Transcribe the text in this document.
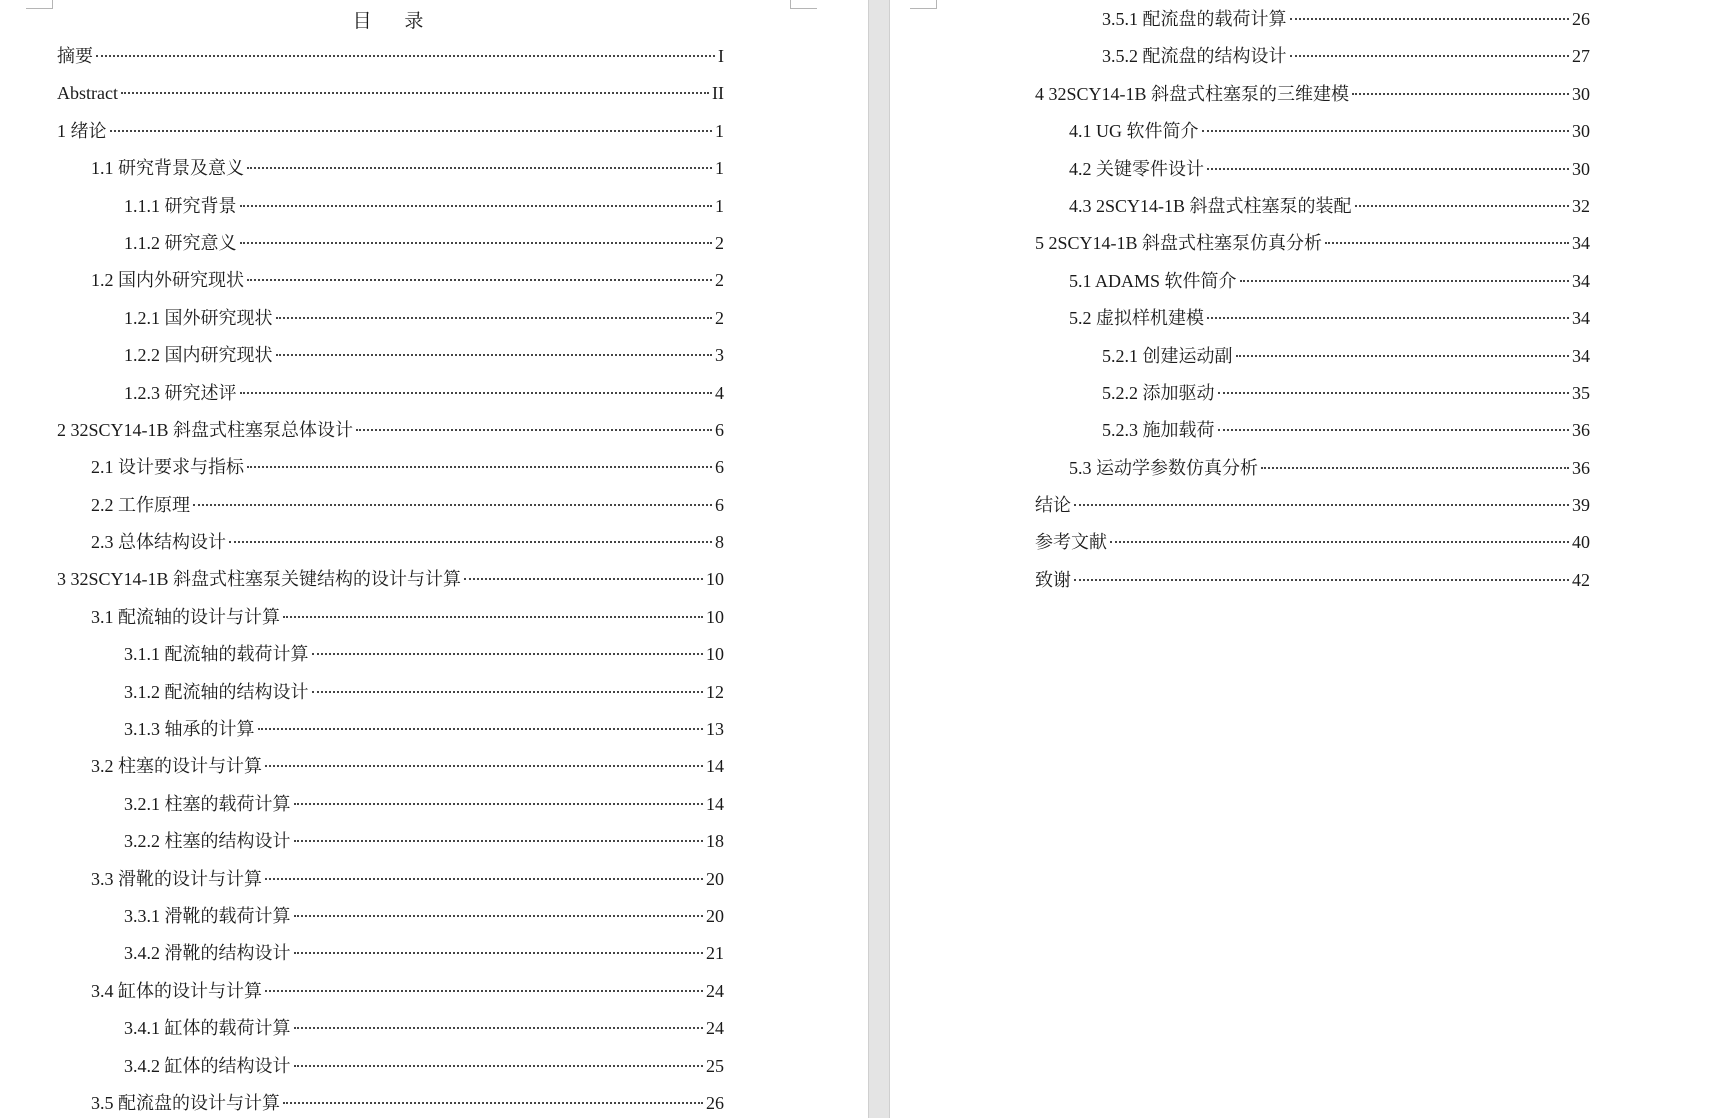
目 录
摘要	I
Abstract	II
1 绪论	1
1.1 研究背景及意义	1
1.1.1 研究背景	1
1.1.2 研究意义	2
1.2 国内外研究现状	2
1.2.1 国外研究现状	2
1.2.2 国内研究现状	3
1.2.3 研究述评	4
2 32SCY14-1B 斜盘式柱塞泵总体设计	6
2.1 设计要求与指标	6
2.2 工作原理	6
2.3 总体结构设计	8
3 32SCY14-1B 斜盘式柱塞泵关键结构的设计与计算	10
3.1 配流轴的设计与计算	10
3.1.1 配流轴的载荷计算	10
3.1.2 配流轴的结构设计	12
3.1.3 轴承的计算	13
3.2 柱塞的设计与计算	14
3.2.1 柱塞的载荷计算	14
3.2.2 柱塞的结构设计	18
3.3 滑靴的设计与计算	20
3.3.1 滑靴的载荷计算	20
3.4.2 滑靴的结构设计	21
3.4 缸体的设计与计算	24
3.4.1 缸体的载荷计算	24
3.4.2 缸体的结构设计	25
3.5 配流盘的设计与计算	26
3.5.1 配流盘的载荷计算	26
3.5.2 配流盘的结构设计	27
4 32SCY14-1B 斜盘式柱塞泵的三维建模	30
4.1 UG 软件简介	30
4.2 关键零件设计	30
4.3 2SCY14-1B 斜盘式柱塞泵的装配	32
5 2SCY14-1B 斜盘式柱塞泵仿真分析	34
5.1 ADAMS 软件简介	34
5.2 虚拟样机建模	34
5.2.1 创建运动副	34
5.2.2 添加驱动	35
5.2.3 施加载荷	36
5.3 运动学参数仿真分析	36
结论	39
参考文献	40
致谢	42
